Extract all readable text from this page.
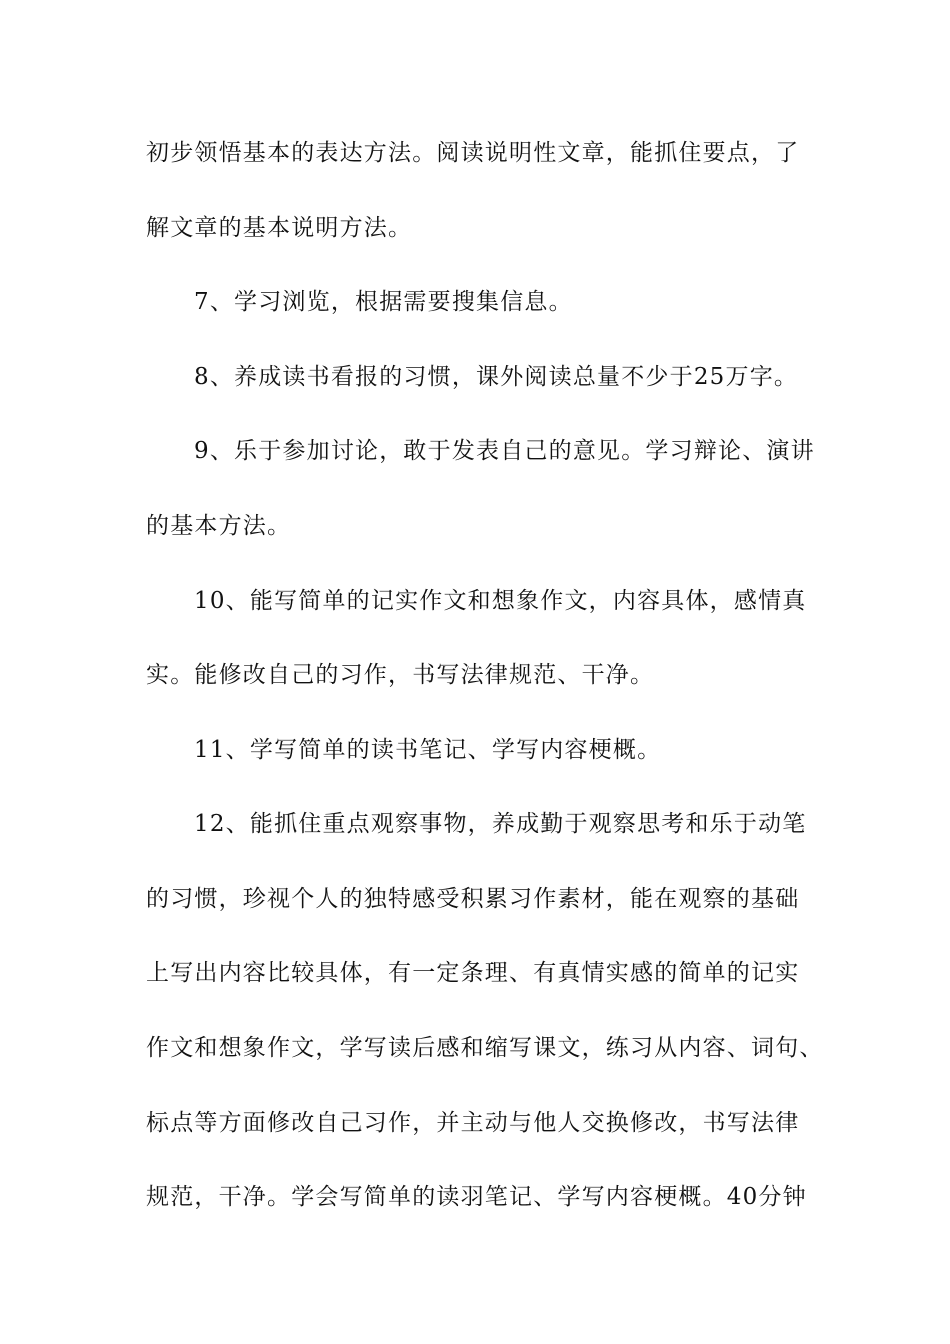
初步领悟基本的表达方法。阅读说明性文章，能抓住要点，了
解文章的基本说明方法。
7、学习浏览，根据需要搜集信息。
8、养成读书看报的习惯，课外阅读总量不少于25万字。
9、乐于参加讨论，敢于发表自己的意见。学习辩论、演讲
的基本方法。
10、能写简单的记实作文和想象作文，内容具体，感情真
实。能修改自己的习作，书写法律规范、干净。
11、学写简单的读书笔记、学写内容梗概。
12、能抓住重点观察事物，养成勤于观察思考和乐于动笔
的习惯，珍视个人的独特感受积累习作素材，能在观察的基础
上写出内容比较具体，有一定条理、有真情实感的简单的记实
作文和想象作文，学写读后感和缩写课文，练习从内容、词句、
标点等方面修改自己习作，并主动与他人交换修改，书写法律
规范，干净。学会写简单的读羽笔记、学写内容梗概。40分钟
